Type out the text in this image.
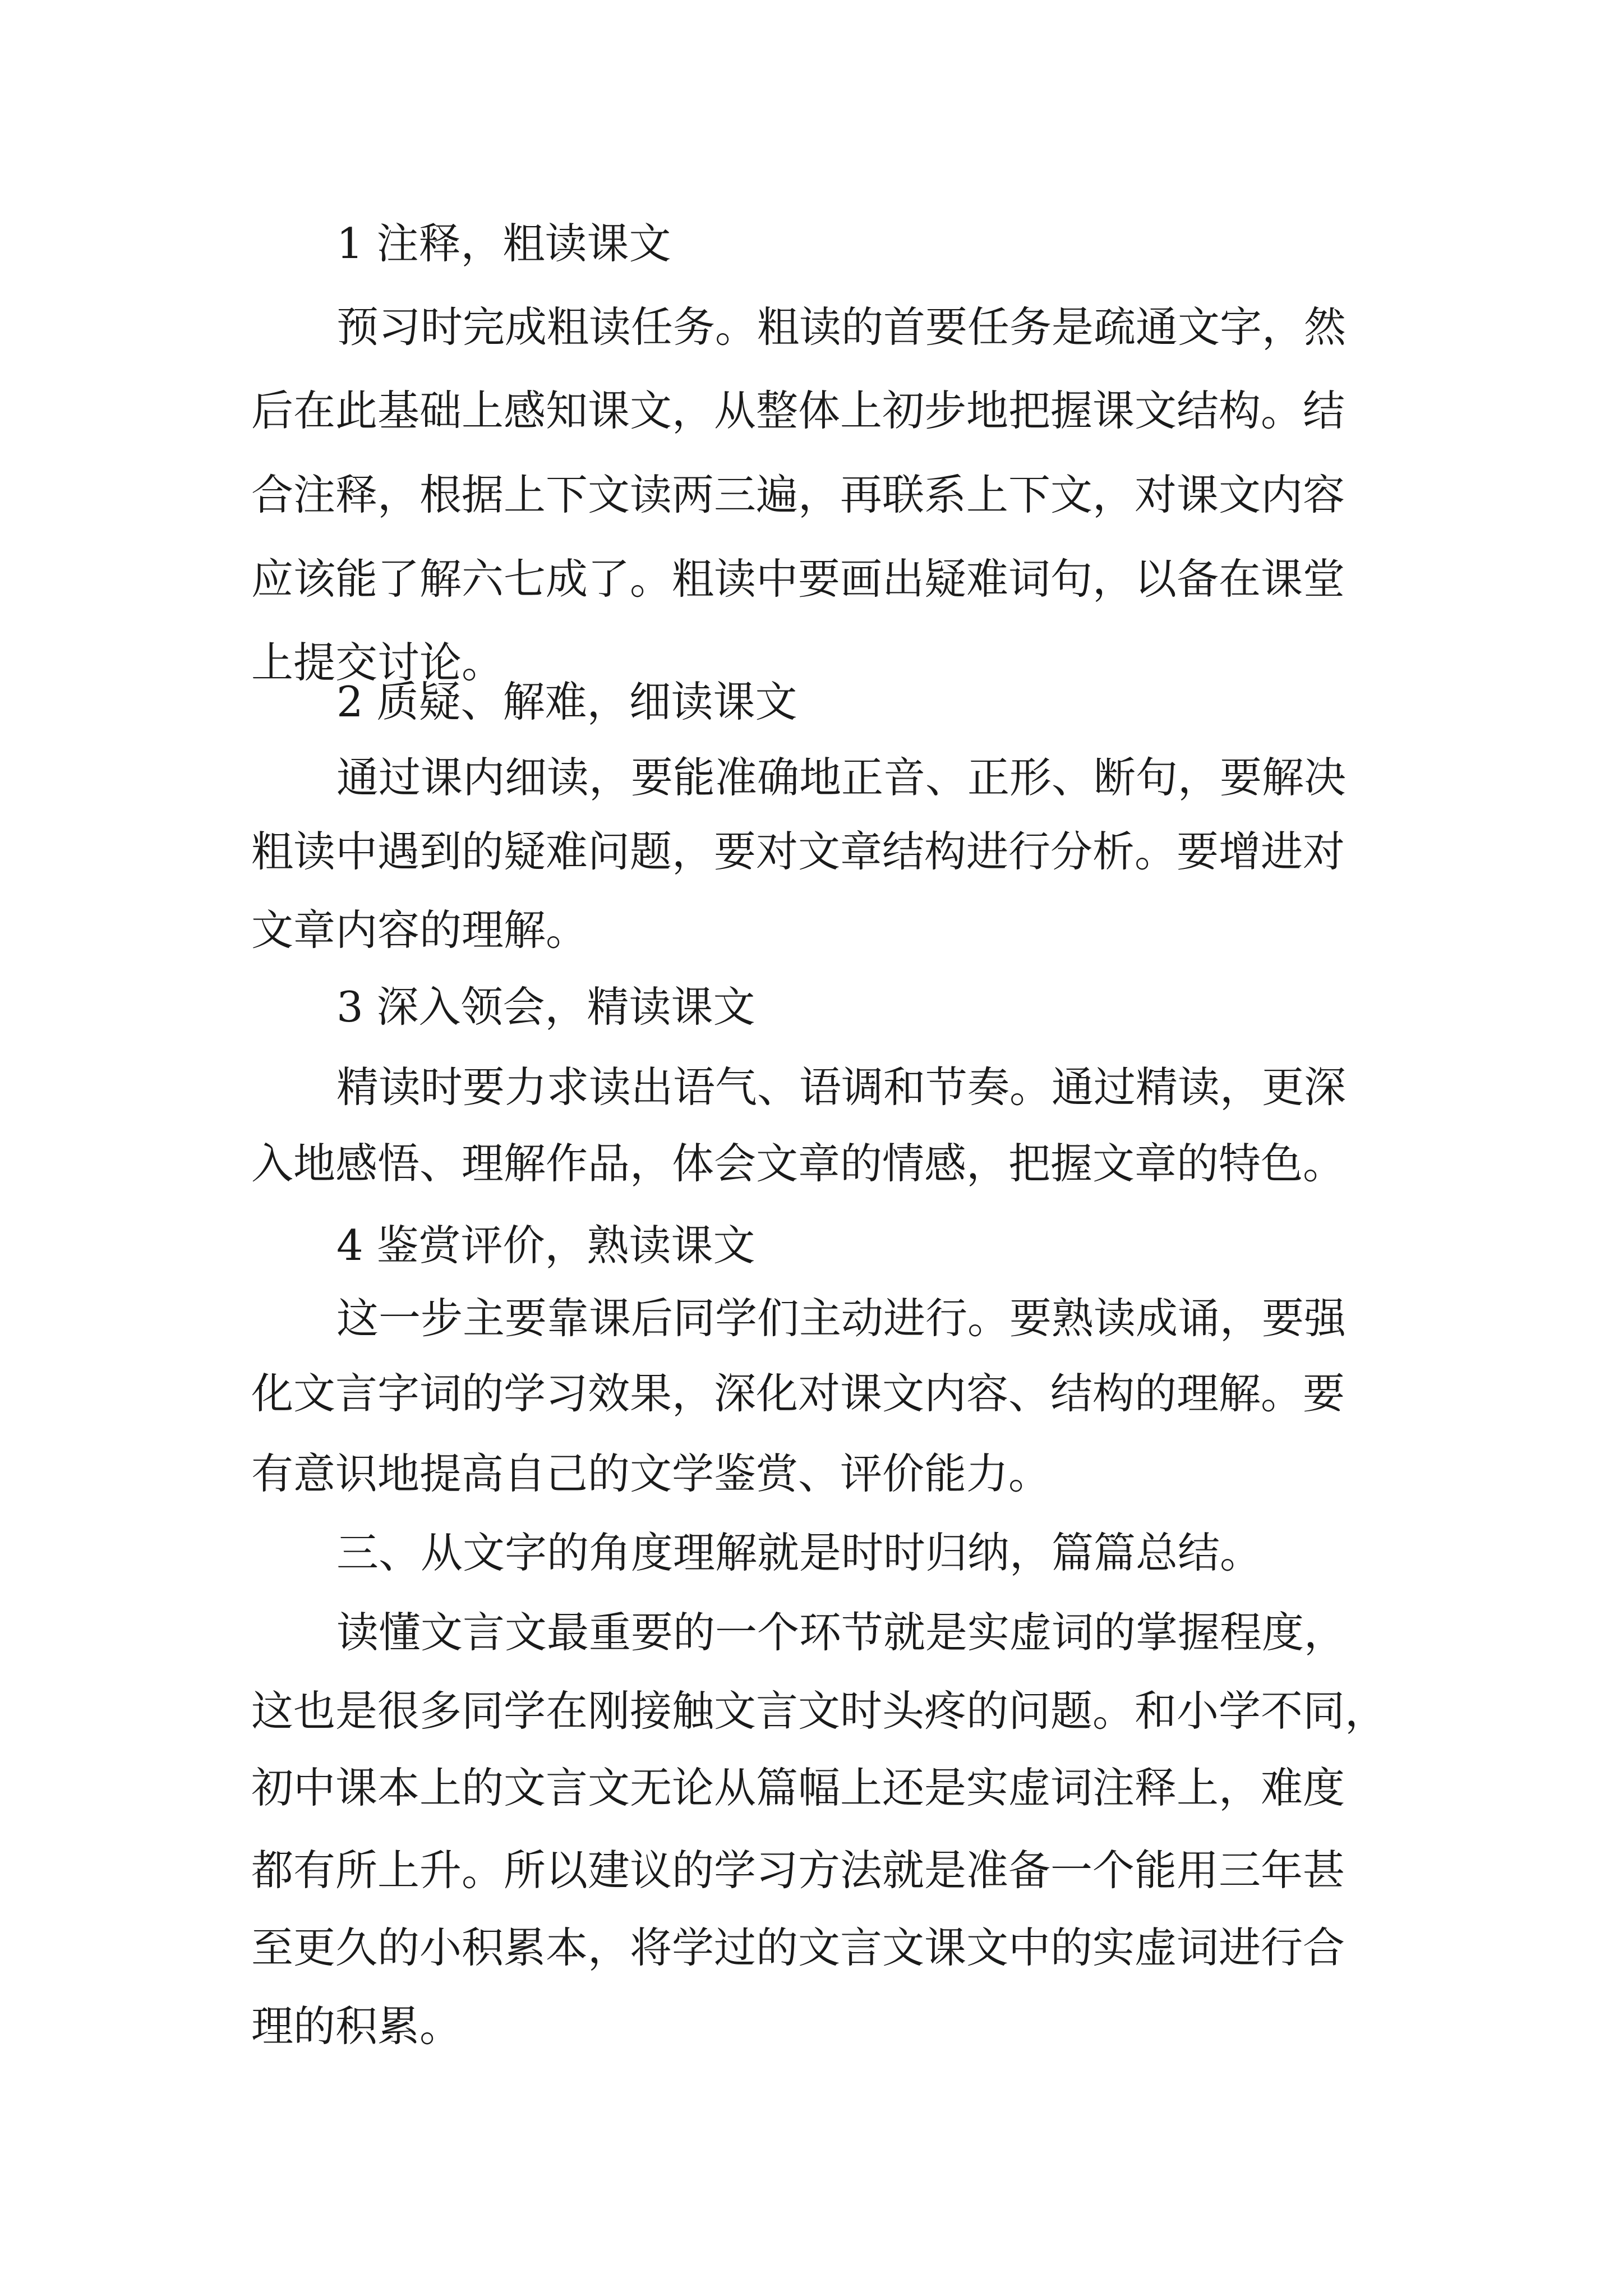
1 注释，粗读课文

预习时完成粗读任务。粗读的首要任务是疏通文字，然

后在此基础上感知课文，从整体上初步地把握课文结构。结

合注释，根据上下文读两三遍，再联系上下文，对课文内容

应该能了解六七成了。粗读中要画出疑难词句，以备在课堂

上提交讨论。

2 质疑、解难，细读课文

通过课内细读，要能准确地正音、正形、断句，要解决

粗读中遇到的疑难问题，要对文章结构进行分析。要增进对

文章内容的理解。

3 深入领会，精读课文

精读时要力求读出语气、语调和节奏。通过精读，更深

入地感悟、理解作品，体会文章的情感，把握文章的特色。

4 鉴赏评价，熟读课文

这一步主要靠课后同学们主动进行。要熟读成诵，要强

化文言字词的学习效果，深化对课文内容、结构的理解。要

有意识地提高自己的文学鉴赏、评价能力。

三、从文字的角度理解就是时时归纳，篇篇总结。

读懂文言文最重要的一个环节就是实虚词的掌握程度，

这也是很多同学在刚接触文言文时头疼的问题。和小学不同，

初中课本上的文言文无论从篇幅上还是实虚词注释上，难度

都有所上升。所以建议的学习方法就是准备一个能用三年甚

至更久的小积累本，将学过的文言文课文中的实虚词进行合

理的积累。
